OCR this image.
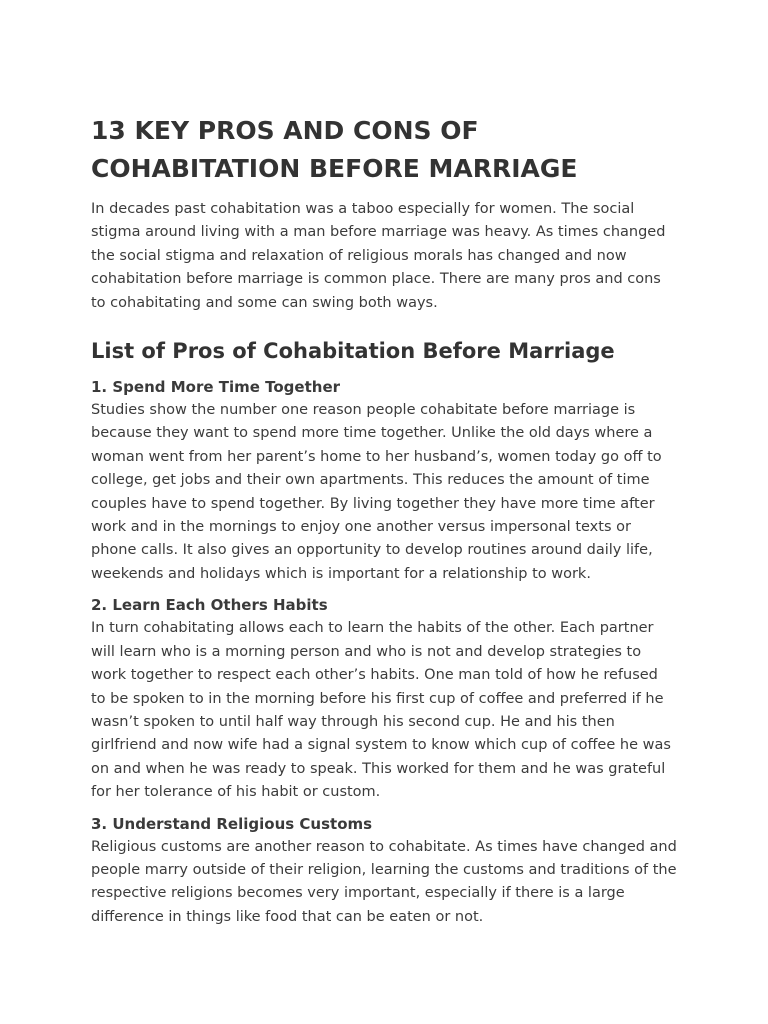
13 KEY PROS AND CONS OF COHABITATION BEFORE MARRIAGE

In decades past cohabitation was a taboo especially for women. The social stigma around living with a man before marriage was heavy. As times changed the social stigma and relaxation of religious morals has changed and now cohabitation before marriage is common place. There are many pros and cons to cohabitating and some can swing both ways.

List of Pros of Cohabitation Before Marriage
1. Spend More Time Together

Studies show the number one reason people cohabitate before marriage is because they want to spend more time together. Unlike the old days where a woman went from her parent’s home to her husband’s, women today go off to college, get jobs and their own apartments. This reduces the amount of time couples have to spend together. By living together they have more time after work and in the mornings to enjoy one another versus impersonal texts or phone calls. It also gives an opportunity to develop routines around daily life, weekends and holidays which is important for a relationship to work.

2. Learn Each Others Habits

In turn cohabitating allows each to learn the habits of the other. Each partner will learn who is a morning person and who is not and develop strategies to work together to respect each other’s habits. One man told of how he refused to be spoken to in the morning before his first cup of coffee and preferred if he wasn’t spoken to until half way through his second cup. He and his then girlfriend and now wife had a signal system to know which cup of coffee he was on and when he was ready to speak. This worked for them and he was grateful for her tolerance of his habit or custom.

3. Understand Religious Customs

Religious customs are another reason to cohabitate. As times have changed and people marry outside of their religion, learning the customs and traditions of the respective religions becomes very important, especially if there is a large difference in things like food that can be eaten or not.
